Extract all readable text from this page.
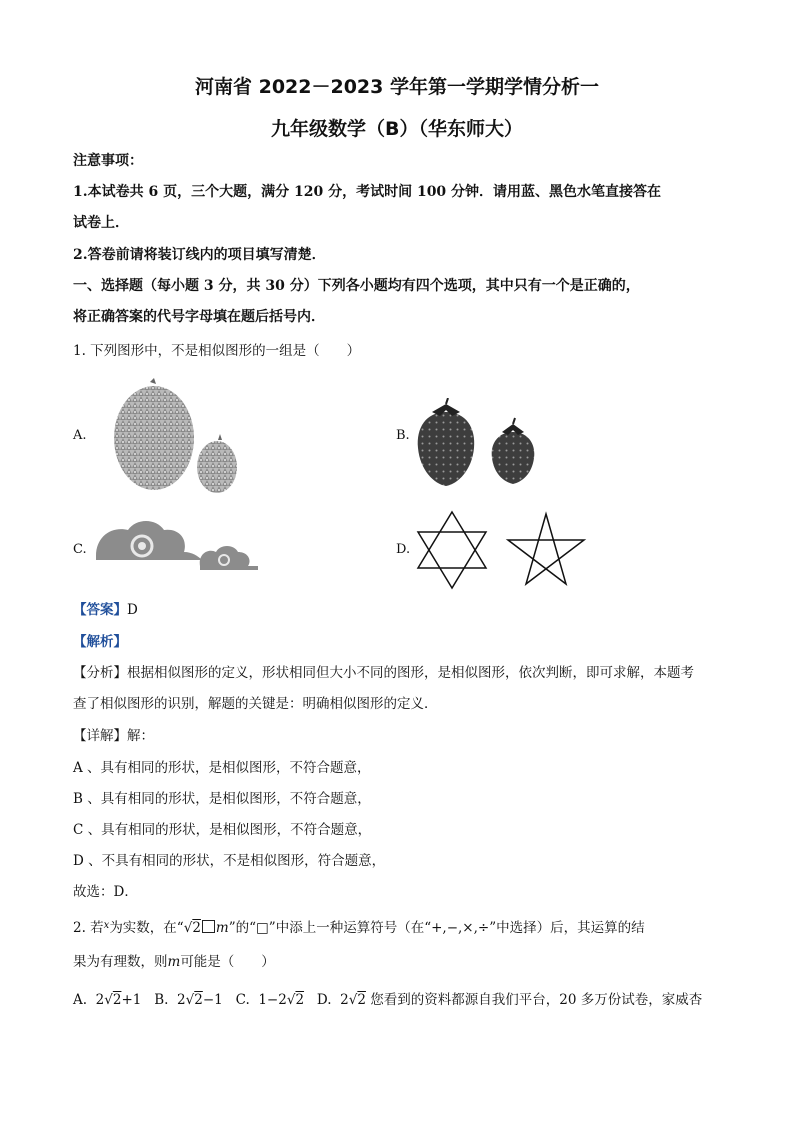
河南省 2022－2023 学年第一学期学情分析一
九年级数学（B）（华东师大）
注意事项：
1.本试卷共 6 页，三个大题，满分 120 分，考试时间 100 分钟．请用蓝、黑色水笔直接答在
试卷上．
2.答卷前请将装订线内的项目填写清楚．
一、选择题（每小题 3 分，共 30 分）下列各小题均有四个选项，其中只有一个是正确的，
将正确答案的代号字母填在题后括号内．
1. 下列图形中，不是相似图形的一组是（　　）
A.	B.
C.	D.
【答案】D
【解析】
【分析】根据相似图形的定义，形状相同但大小不同的图形，是相似图形，依次判断，即可求解，本题考
查了相似图形的识别，解题的关键是：明确相似图形的定义．
【详解】解：
A 、具有相同的形状，是相似图形，不符合题意，
B 、具有相同的形状，是相似图形，不符合题意，
C 、具有相同的形状，是相似图形，不符合题意，
D 、不具有相同的形状，不是相似图形，符合题意，
故选：D．
2. 若$^x$为实数，在“√2 m”的“□”中添上一种运算符号（在“+,−,×,÷”中选择）后，其运算的结
果为有理数，则m可能是（　　）
A. 2√2+1 B. 2√2−1 C. 1−2√2 D. 2√2 您看到的资料都源自我们平台，20 多万份试卷，家威杏
